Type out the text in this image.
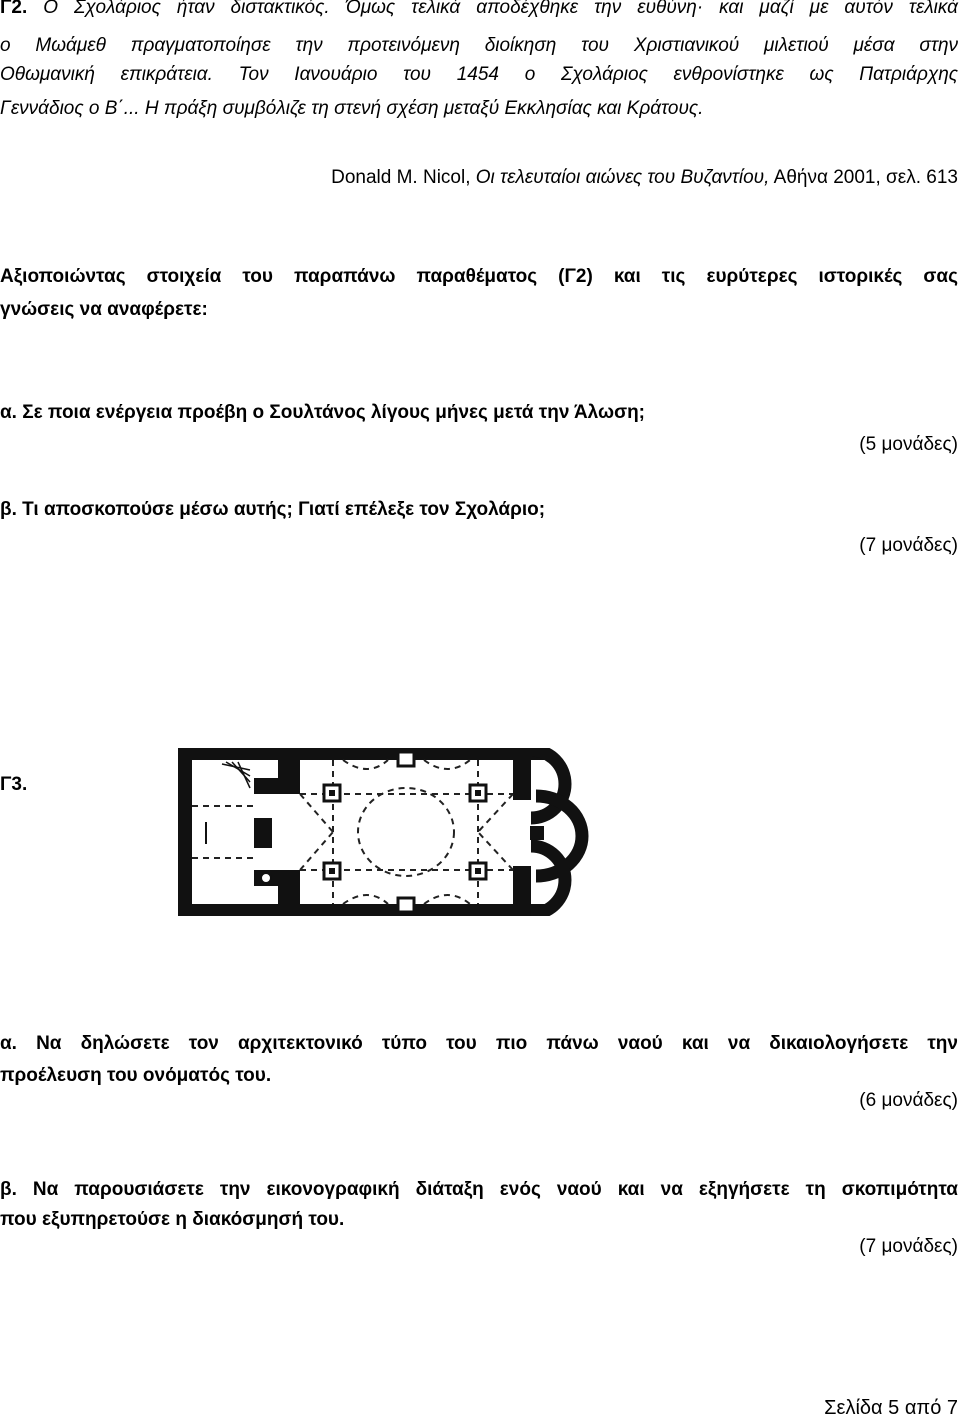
Γ2. Ο Σχολάριος ήταν διστακτικός. Όμως τελικά αποδέχθηκε την ευθύνη· και μαζί με αυτόν τελικά
ο Μωάμεθ πραγματοποίησε την προτεινόμενη διοίκηση του Χριστιανικού μιλετιού μέσα στην
Οθωμανική επικράτεια. Τον Ιανουάριο του 1454 ο Σχολάριος ενθρονίστηκε ως Πατριάρχης
Γεννάδιος ο Β΄... Η πράξη συμβόλιζε τη στενή σχέση μεταξύ Εκκλησίας και Κράτους.
Donald M. Nicol, Οι τελευταίοι αιώνες του Βυζαντίου, Αθήνα 2001, σελ. 613
Αξιοποιώντας στοιχεία του παραπάνω παραθέματος (Γ2) και τις ευρύτερες ιστορικές σας
γνώσεις να αναφέρετε:
α. Σε ποια ενέργεια προέβη ο Σουλτάνος λίγους μήνες μετά την Άλωση;
(5 μονάδες)
β. Τι αποσκοπούσε μέσω αυτής; Γιατί επέλεξε τον Σχολάριο;
(7 μονάδες)
Γ3.
α. Να δηλώσετε τον αρχιτεκτονικό τύπο του πιο πάνω ναού και να δικαιολογήσετε την
προέλευση του ονόματός του.
(6 μονάδες)
β. Να παρουσιάσετε την εικονογραφική διάταξη ενός ναού και να εξηγήσετε τη σκοπιμότητα
που εξυπηρετούσε η διακόσμησή του.
(7 μονάδες)
Σελίδα 5 από 7
